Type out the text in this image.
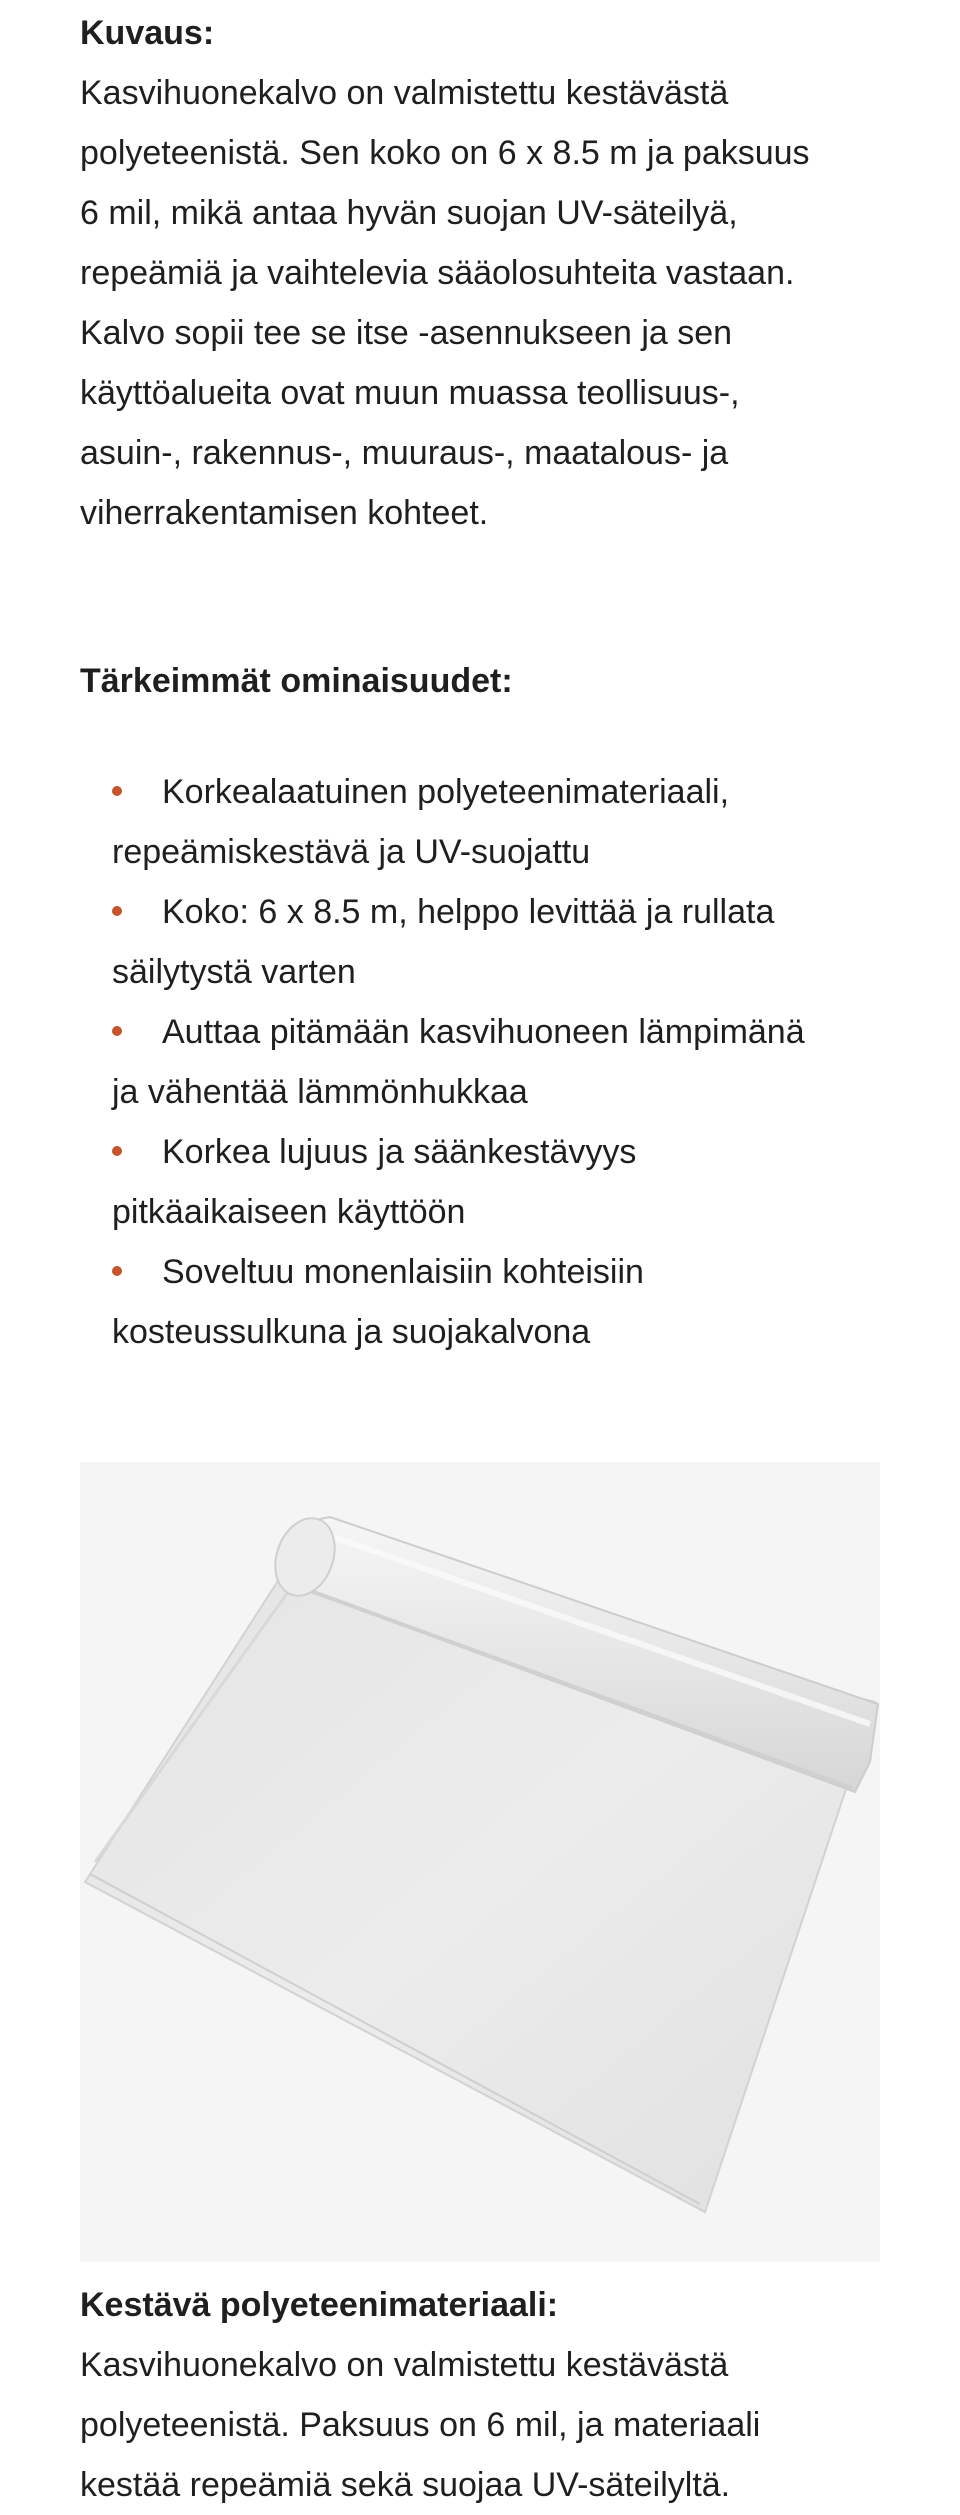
Kuvaus:

Kasvihuonekalvo on valmistettu kestävästä

polyeteenistä. Sen koko on 6 x 8.5 m ja paksuus

6 mil, mikä antaa hyvän suojan UV-säteilyä,

repeämiä ja vaihtelevia sääolosuhteita vastaan.

Kalvo sopii tee se itse -asennukseen ja sen

käyttöalueita ovat muun muassa teollisuus-,

asuin-, rakennus-, muuraus-, maatalous- ja

viherrakentamisen kohteet.

Tärkeimmät ominaisuudet:

Korkealaatuinen polyeteenimateriaali,
repeämiskestävä ja UV-suojattu
Koko: 6 x 8.5 m, helppo levittää ja rullata
säilytystä varten
Auttaa pitämään kasvihuoneen lämpimänä
ja vähentää lämmönhukkaa
Korkea lujuus ja säänkestävyys
pitkäaikaiseen käyttöön
Soveltuu monenlaisiin kohteisiin
kosteussulkuna ja suojakalvona

Kestävä polyeteenimateriaali:

Kasvihuonekalvo on valmistettu kestävästä

polyeteenistä. Paksuus on 6 mil, ja materiaali

kestää repeämiä sekä suojaa UV-säteilyltä.
